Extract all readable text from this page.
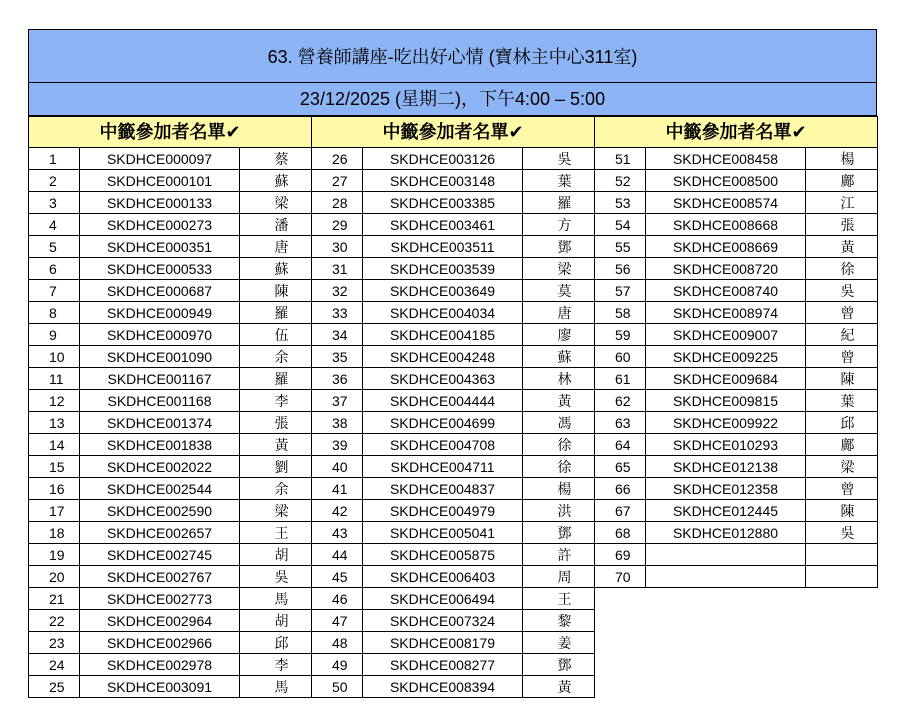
63. 營養師講座-吃出好心情 (寶林主中心311室)
23/12/2025 (星期二)，下午4:00 – 5:00
中籤參加者名單✔		
1	SKDHCE000097	蔡
2	SKDHCE000101	蘇
3	SKDHCE000133	梁
4	SKDHCE000273	潘
5	SKDHCE000351	唐
6	SKDHCE000533	蘇
7	SKDHCE000687	陳
8	SKDHCE000949	羅
9	SKDHCE000970	伍
10	SKDHCE001090	余
11	SKDHCE001167	羅
12	SKDHCE001168	李
13	SKDHCE001374	張
14	SKDHCE001838	黃
15	SKDHCE002022	劉
16	SKDHCE002544	余
17	SKDHCE002590	梁
18	SKDHCE002657	王
19	SKDHCE002745	胡
20	SKDHCE002767	吳
21	SKDHCE002773	馬
22	SKDHCE002964	胡
23	SKDHCE002966	邱
24	SKDHCE002978	李
25	SKDHCE003091	馬
中籤參加者名單✔		
26	SKDHCE003126	吳
27	SKDHCE003148	葉
28	SKDHCE003385	羅
29	SKDHCE003461	方
30	SKDHCE003511	鄧
31	SKDHCE003539	梁
32	SKDHCE003649	莫
33	SKDHCE004034	唐
34	SKDHCE004185	廖
35	SKDHCE004248	蘇
36	SKDHCE004363	林
37	SKDHCE004444	黃
38	SKDHCE004699	馮
39	SKDHCE004708	徐
40	SKDHCE004711	徐
41	SKDHCE004837	楊
42	SKDHCE004979	洪
43	SKDHCE005041	鄧
44	SKDHCE005875	許
45	SKDHCE006403	周
46	SKDHCE006494	王
47	SKDHCE007324	黎
48	SKDHCE008179	姜
49	SKDHCE008277	鄧
50	SKDHCE008394	黃
中籤參加者名單✔		
51	SKDHCE008458	楊
52	SKDHCE008500	鄺
53	SKDHCE008574	江
54	SKDHCE008668	張
55	SKDHCE008669	黃
56	SKDHCE008720	徐
57	SKDHCE008740	吳
58	SKDHCE008974	曾
59	SKDHCE009007	紀
60	SKDHCE009225	曾
61	SKDHCE009684	陳
62	SKDHCE009815	葉
63	SKDHCE009922	邱
64	SKDHCE010293	鄺
65	SKDHCE012138	梁
66	SKDHCE012358	曾
67	SKDHCE012445	陳
68	SKDHCE012880	吳
69		
70		
